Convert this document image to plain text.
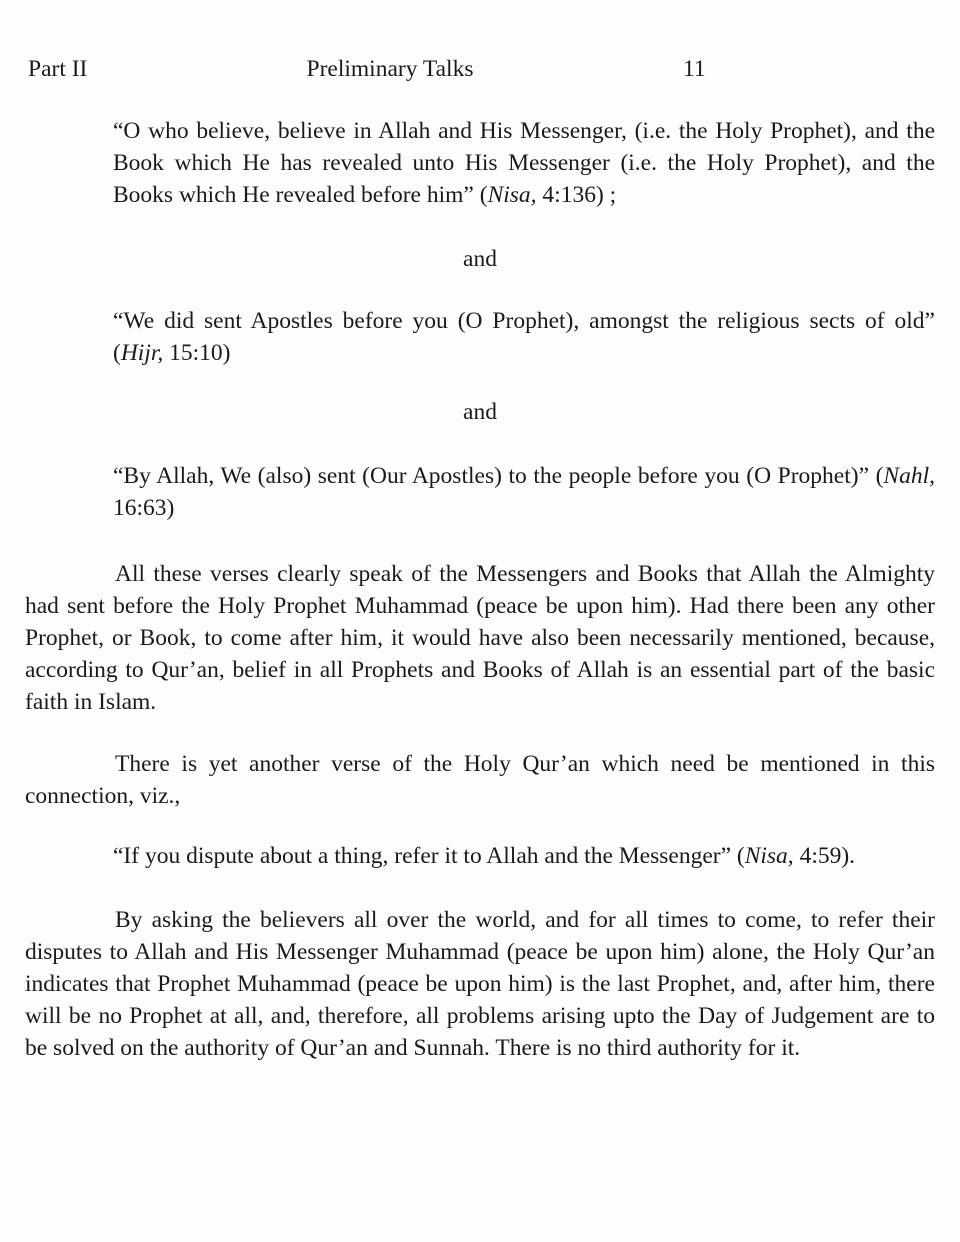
Part II	Preliminary Talks	11
“O who believe, believe in Allah and His Messenger, (i.e. the Holy Prophet), and the Book which He has revealed unto His Messenger (i.e. the Holy Prophet), and the Books which He revealed before him” (Nisa, 4:136) ;
and
“We did sent Apostles before you (O Prophet), amongst the religious sects of old” (Hijr, 15:10)
and
“By Allah, We (also) sent (Our Apostles) to the people before you (O Prophet)” (Nahl, 16:63)

All these verses clearly speak of the Messengers and Books that Allah the Almighty had sent before the Holy Prophet Muhammad (peace be upon him). Had there been any other Prophet, or Book, to come after him, it would have also been necessarily mentioned, because, according to Qur’an, belief in all Prophets and Books of Allah is an essential part of the basic faith in Islam.

There is yet another verse of the Holy Qur’an which need be mentioned in this connection, viz.,

“If you dispute about a thing, refer it to Allah and the Messenger” (Nisa, 4:59).

By asking the believers all over the world, and for all times to come, to refer their disputes to Allah and His Messenger Muhammad (peace be upon him) alone, the Holy Qur’an indicates that Prophet Muhammad (peace be upon him) is the last Prophet, and, after him, there will be no Prophet at all, and, therefore, all problems arising upto the Day of Judgement are to be solved on the authority of Qur’an and Sunnah. There is no third authority for it.
